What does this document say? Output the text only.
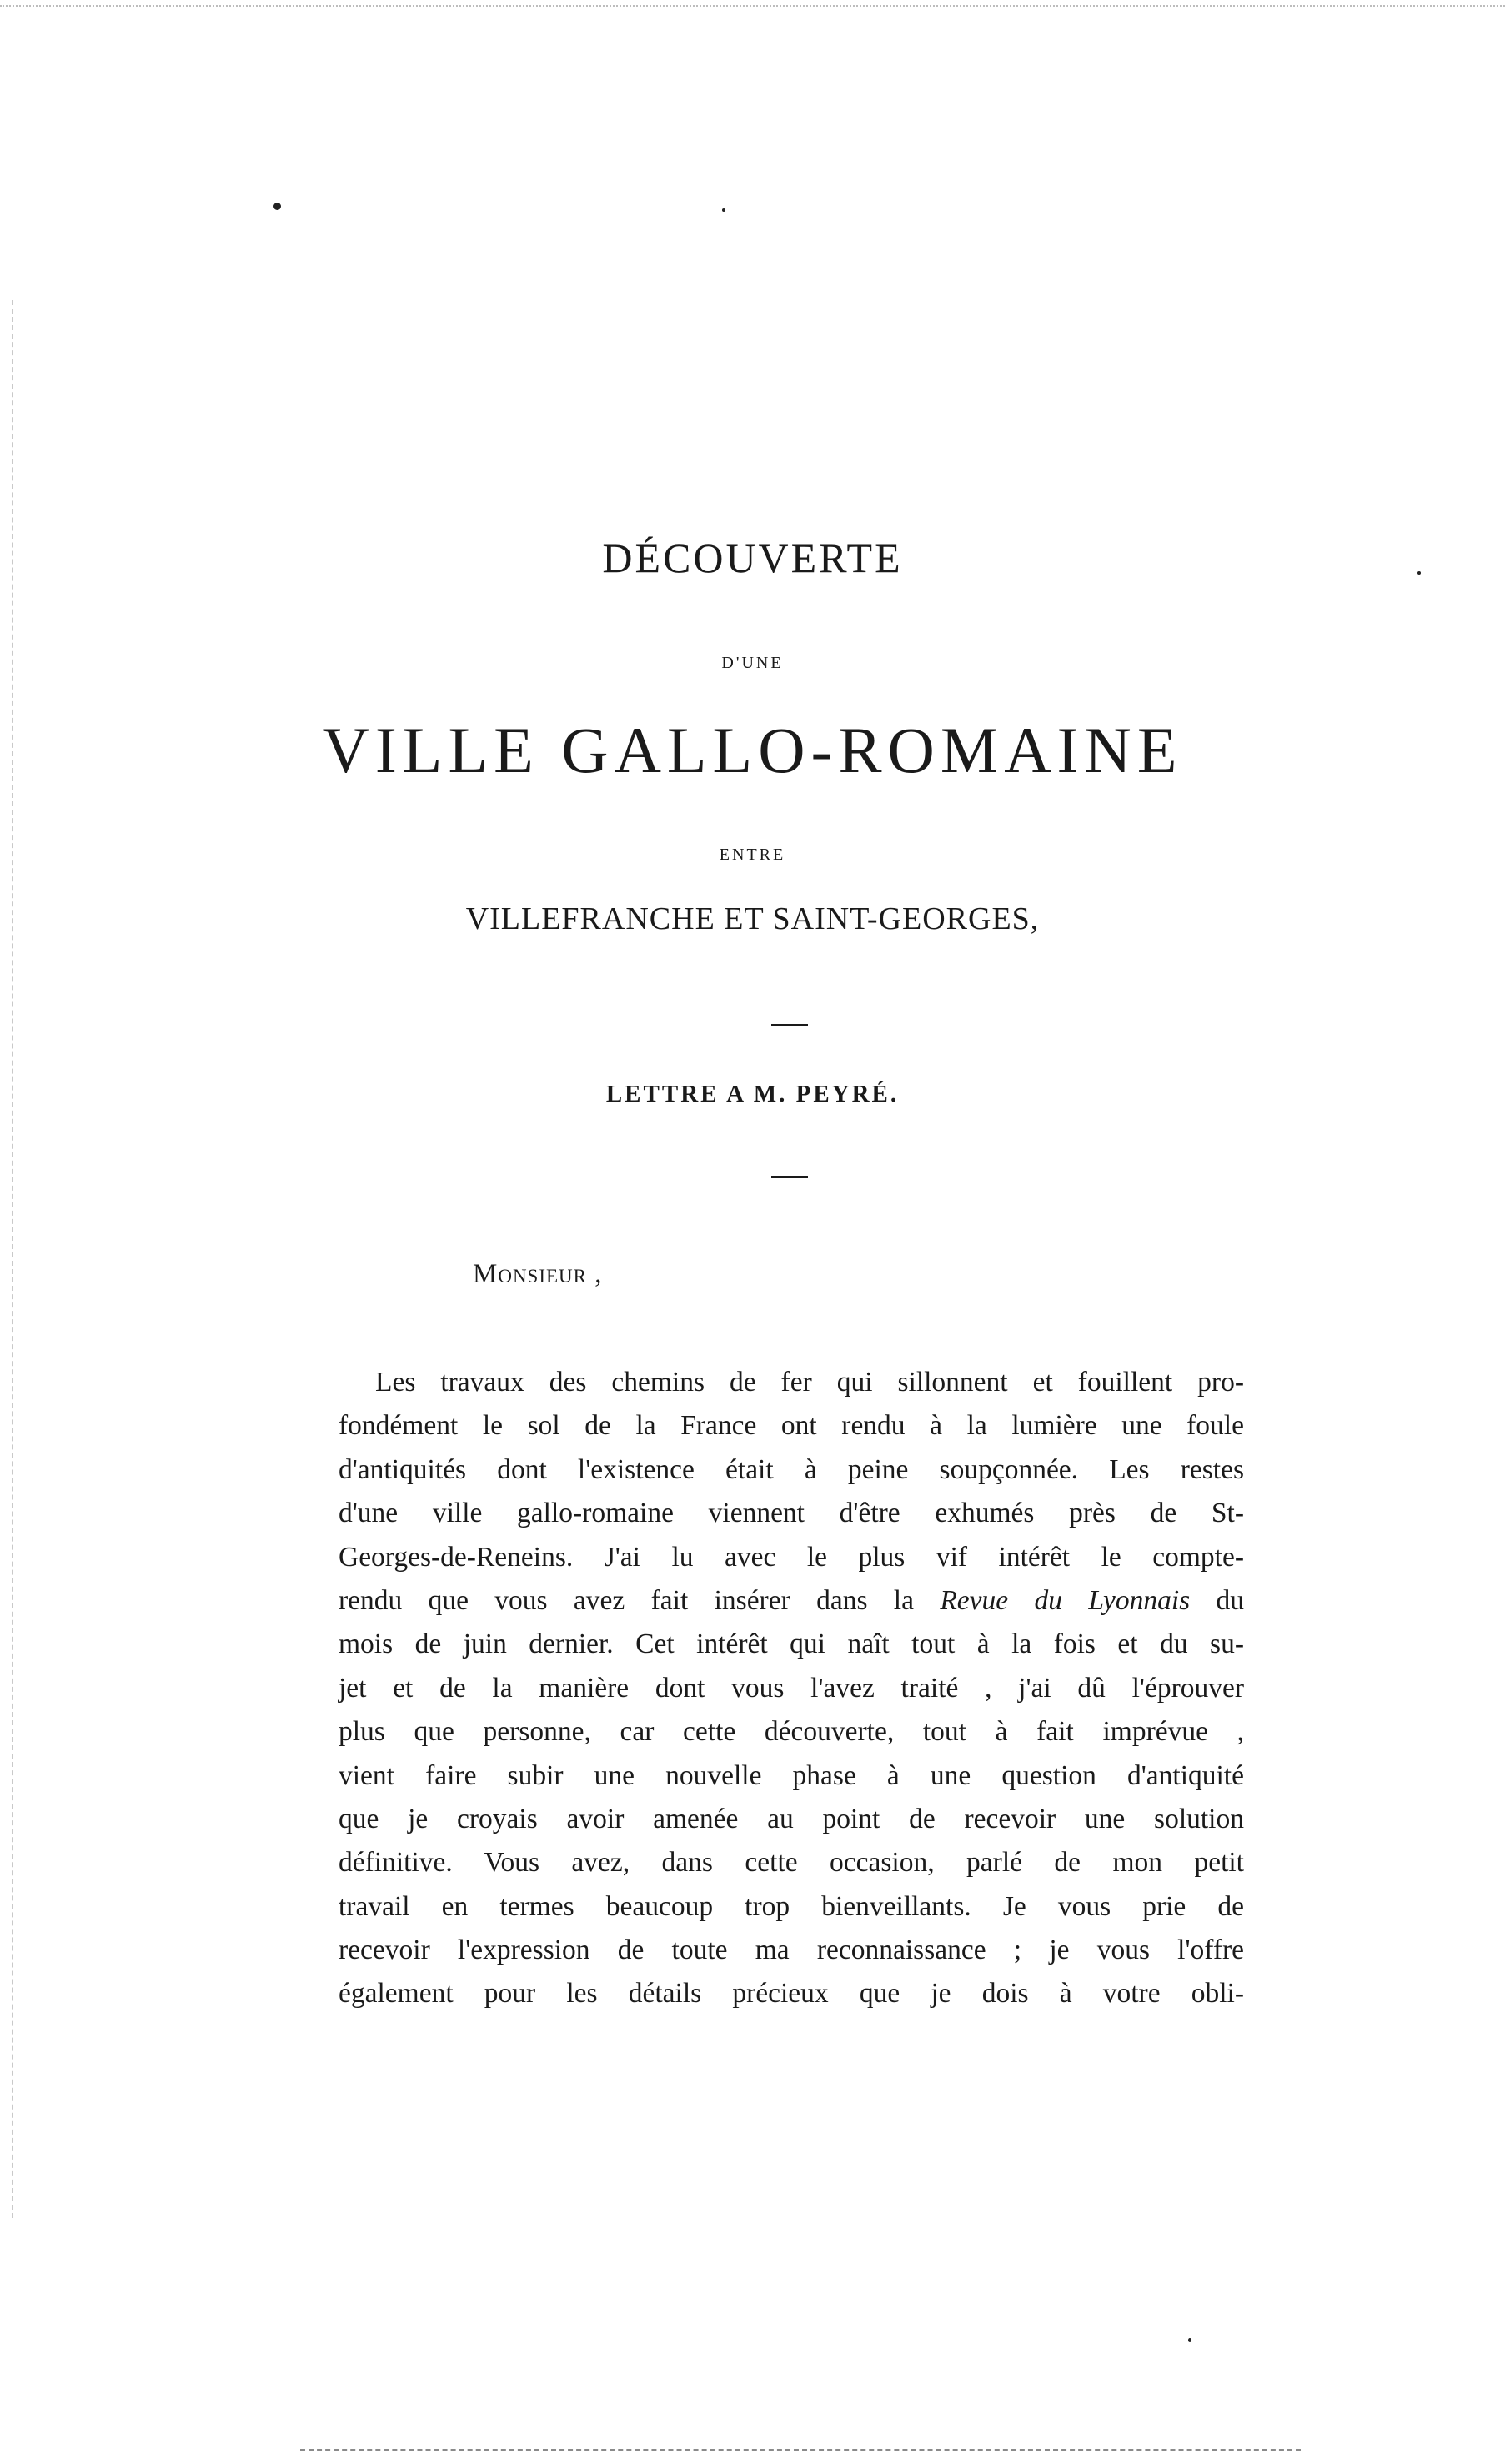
DÉCOUVERTE
D'UNE
VILLE GALLO-ROMAINE
ENTRE
VILLEFRANCHE ET SAINT-GEORGES,
LETTRE A M. PEYRÉ.
Monsieur ,
Les travaux des chemins de fer qui sillonnent et fouillent pro-
fondément le sol de la France ont rendu à la lumière une foule
d'antiquités dont l'existence était à peine soupçonnée. Les restes
d'une ville gallo-romaine viennent d'être exhumés près de St-
Georges-de-Reneins. J'ai lu avec le plus vif intérêt le compte-
rendu que vous avez fait insérer dans la Revue du Lyonnais du
mois de juin dernier. Cet intérêt qui naît tout à la fois et du su-
jet et de la manière dont vous l'avez traité , j'ai dû l'éprouver
plus que personne, car cette découverte, tout à fait imprévue ,
vient faire subir une nouvelle phase à une question d'antiquité
que je croyais avoir amenée au point de recevoir une solution
définitive. Vous avez, dans cette occasion, parlé de mon petit
travail en termes beaucoup trop bienveillants. Je vous prie de
recevoir l'expression de toute ma reconnaissance ; je vous l'offre
également pour les détails précieux que je dois à votre obli-
